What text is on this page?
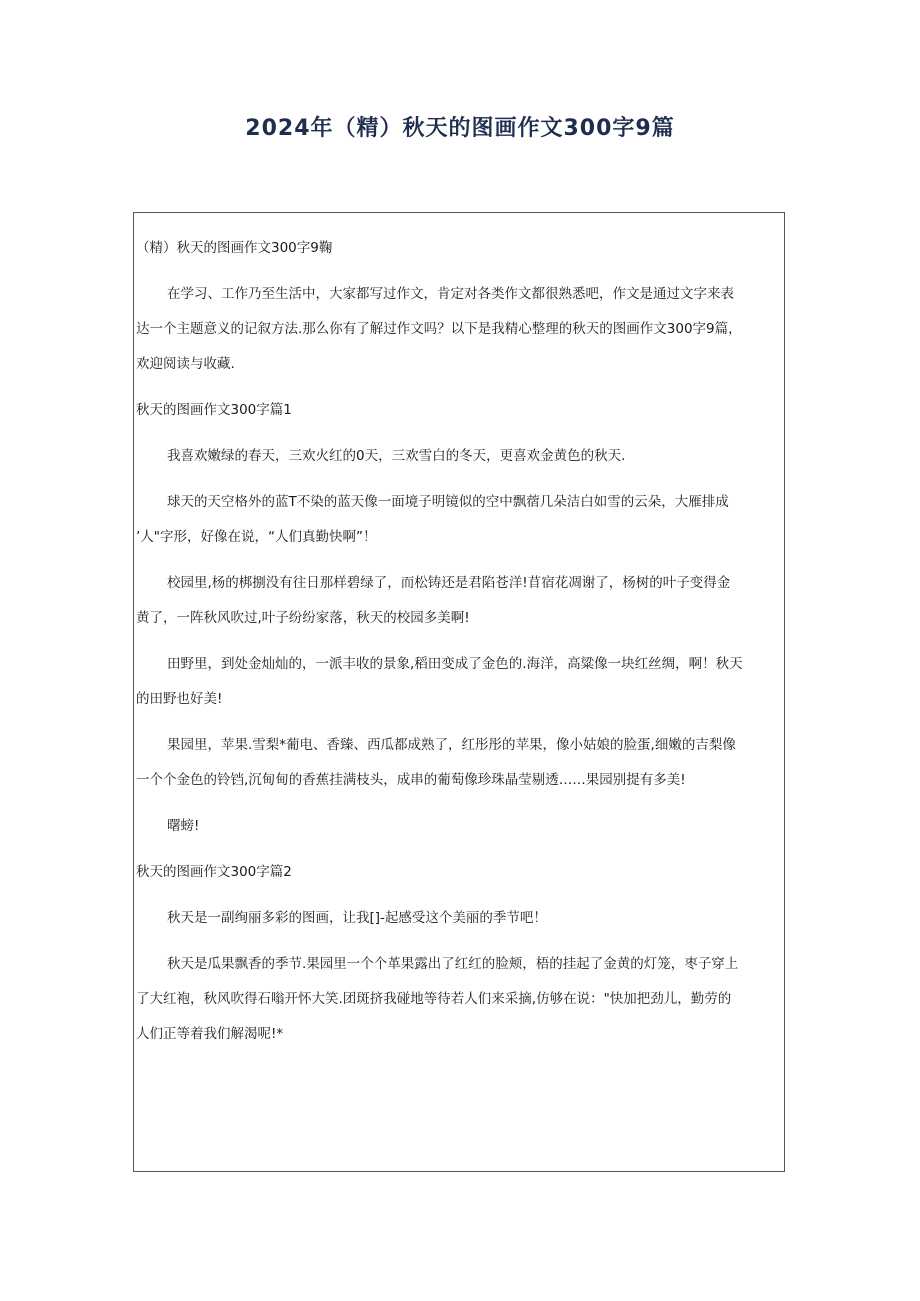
2024年（精）秋天的图画作文300字9篇
（精）秋天的图画作文300字9鞠
在学习、工作乃至生活中，大家都写过作文，肯定对各类作文都很熟悉吧，作文是通过文字来表
达一个主题意义的记叙方法.那么你有了解过作文吗？以下是我精心整理的秋天的图画作文300字9篇，
欢迎阅读与收藏.
秋天的图画作文300字篇1
我喜欢嫩绿的春天，三欢火红的0天，三欢雪白的冬天，更喜欢金黄色的秋天.
球天的天空格外的蓝T不染的蓝天像一面境子明镜似的空中飘蓿几朵洁白如雪的云朵，大雁排成
’人"字形，好像在说，“人们真勤快啊”！
校园里,杨的梆捌没有往日那样碧绿了，而松铸还是君陷苍洋!苜宿花凋谢了，杨树的叶子变得金
黄了，一阵秋风吹过,叶子纷纷家落，秋天的校园多美啊!
田野里，到处金灿灿的，一派丰收的景象,稻田变成了金色的.海洋，高粱像一块红丝绸，啊！秋天
的田野也好美!
果园里，苹果.雪梨*葡电、香臻、西瓜都成熟了，红彤彤的苹果，像小姑娘的脸蛋,细嫩的吉梨像
一个个金色的铃铛,沉甸甸的香蕉挂满枝头，成串的葡萄像珍珠晶莹剔透……果园别提有多美!
曙螃!
秋天的图画作文300字篇2
秋天是一副绚丽多彩的图画，让我[]-起感受这个美丽的季节吧！
秋天是瓜果飘香的季节.果园里一个个革果露出了红红的脸颊，梧的挂起了金黄的灯笼，枣子穿上
了大红袍，秋风吹得石嗡开怀大笑.团斑挤我碰地等待若人们来采摘,仿够在说："快加把劲儿，勤劳的
人们正等着我们解渴呢!*
